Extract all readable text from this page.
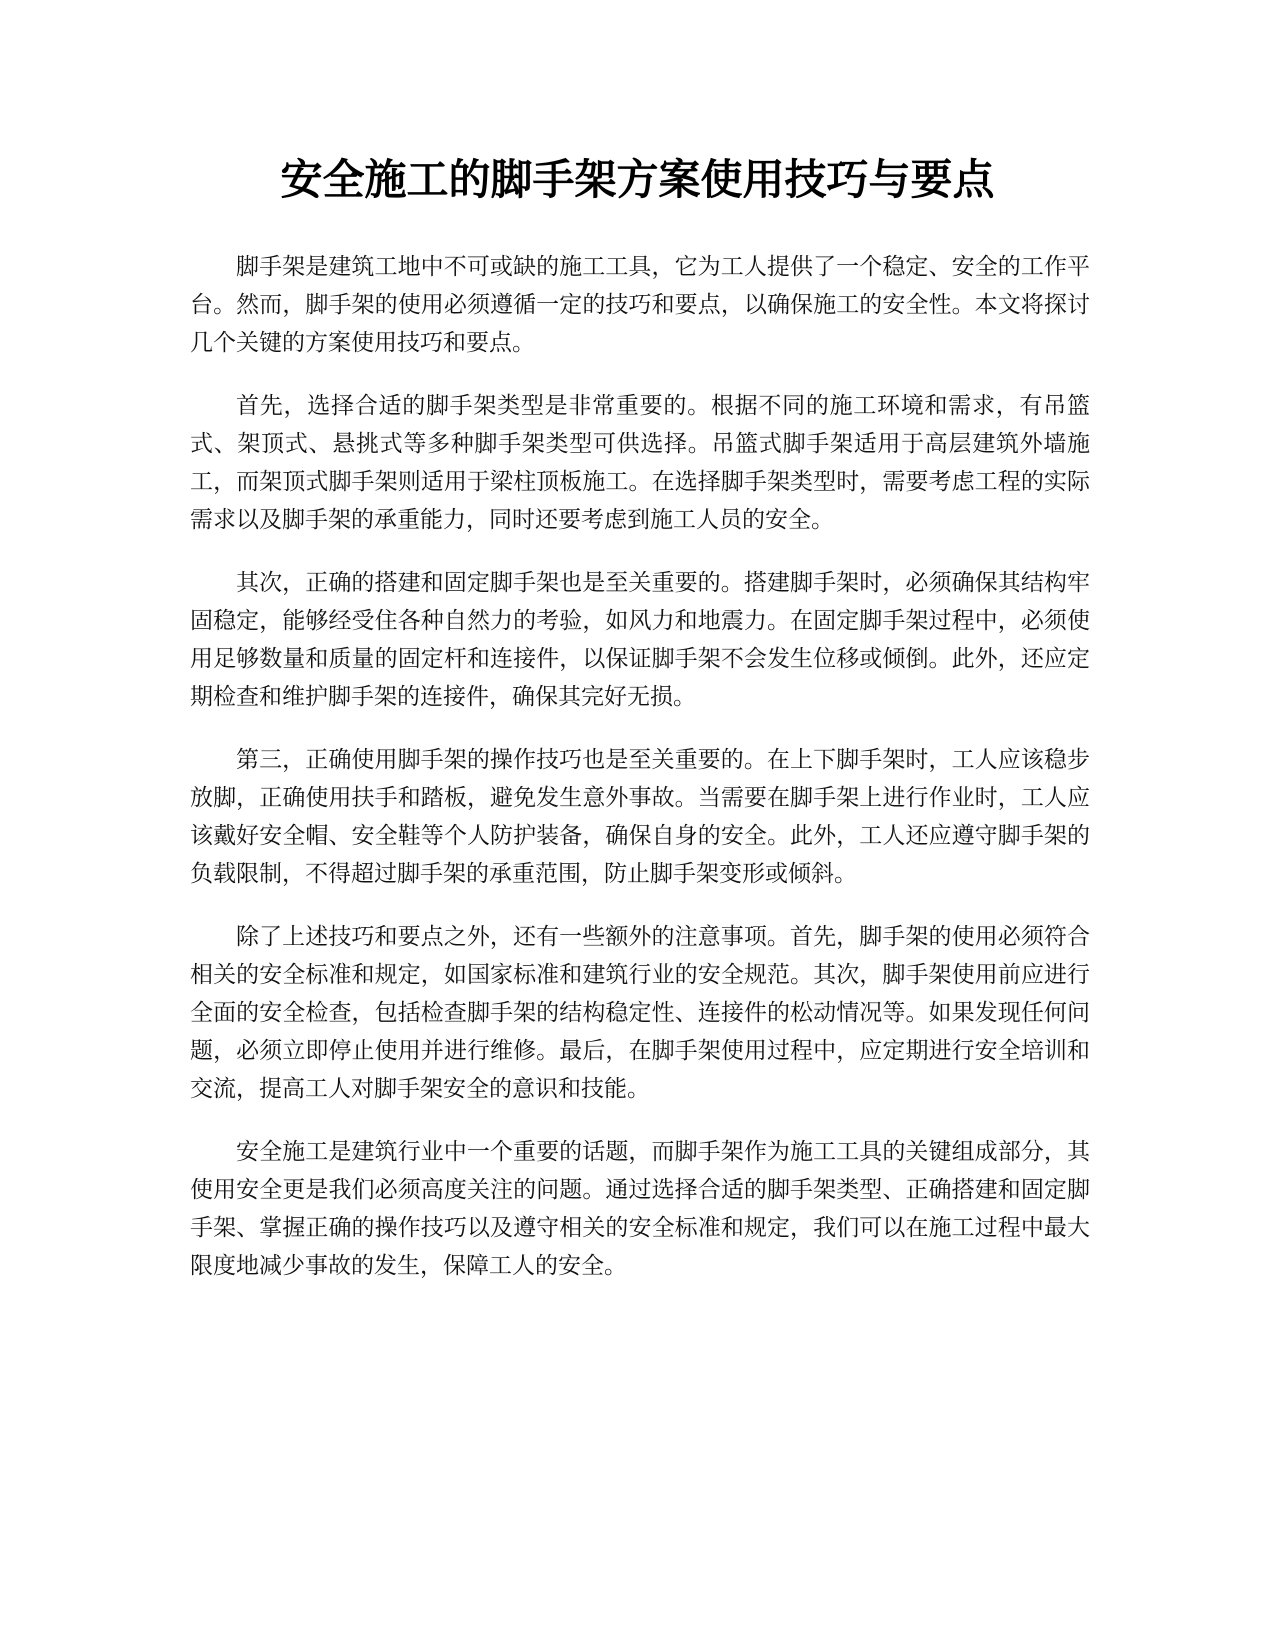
安全施工的脚手架方案使用技巧与要点

脚手架是建筑工地中不可或缺的施工工具，它为工人提供了一个稳定、安全的工作平台。然而，脚手架的使用必须遵循一定的技巧和要点，以确保施工的安全性。本文将探讨几个关键的方案使用技巧和要点。

首先，选择合适的脚手架类型是非常重要的。根据不同的施工环境和需求，有吊篮式、架顶式、悬挑式等多种脚手架类型可供选择。吊篮式脚手架适用于高层建筑外墙施工，而架顶式脚手架则适用于梁柱顶板施工。在选择脚手架类型时，需要考虑工程的实际需求以及脚手架的承重能力，同时还要考虑到施工人员的安全。

其次，正确的搭建和固定脚手架也是至关重要的。搭建脚手架时，必须确保其结构牢固稳定，能够经受住各种自然力的考验，如风力和地震力。在固定脚手架过程中，必须使用足够数量和质量的固定杆和连接件，以保证脚手架不会发生位移或倾倒。此外，还应定期检查和维护脚手架的连接件，确保其完好无损。

第三，正确使用脚手架的操作技巧也是至关重要的。在上下脚手架时，工人应该稳步放脚，正确使用扶手和踏板，避免发生意外事故。当需要在脚手架上进行作业时，工人应该戴好安全帽、安全鞋等个人防护装备，确保自身的安全。此外，工人还应遵守脚手架的负载限制，不得超过脚手架的承重范围，防止脚手架变形或倾斜。

除了上述技巧和要点之外，还有一些额外的注意事项。首先，脚手架的使用必须符合相关的安全标准和规定，如国家标准和建筑行业的安全规范。其次，脚手架使用前应进行全面的安全检查，包括检查脚手架的结构稳定性、连接件的松动情况等。如果发现任何问题，必须立即停止使用并进行维修。最后，在脚手架使用过程中，应定期进行安全培训和交流，提高工人对脚手架安全的意识和技能。

安全施工是建筑行业中一个重要的话题，而脚手架作为施工工具的关键组成部分，其使用安全更是我们必须高度关注的问题。通过选择合适的脚手架类型、正确搭建和固定脚手架、掌握正确的操作技巧以及遵守相关的安全标准和规定，我们可以在施工过程中最大限度地减少事故的发生，保障工人的安全。
